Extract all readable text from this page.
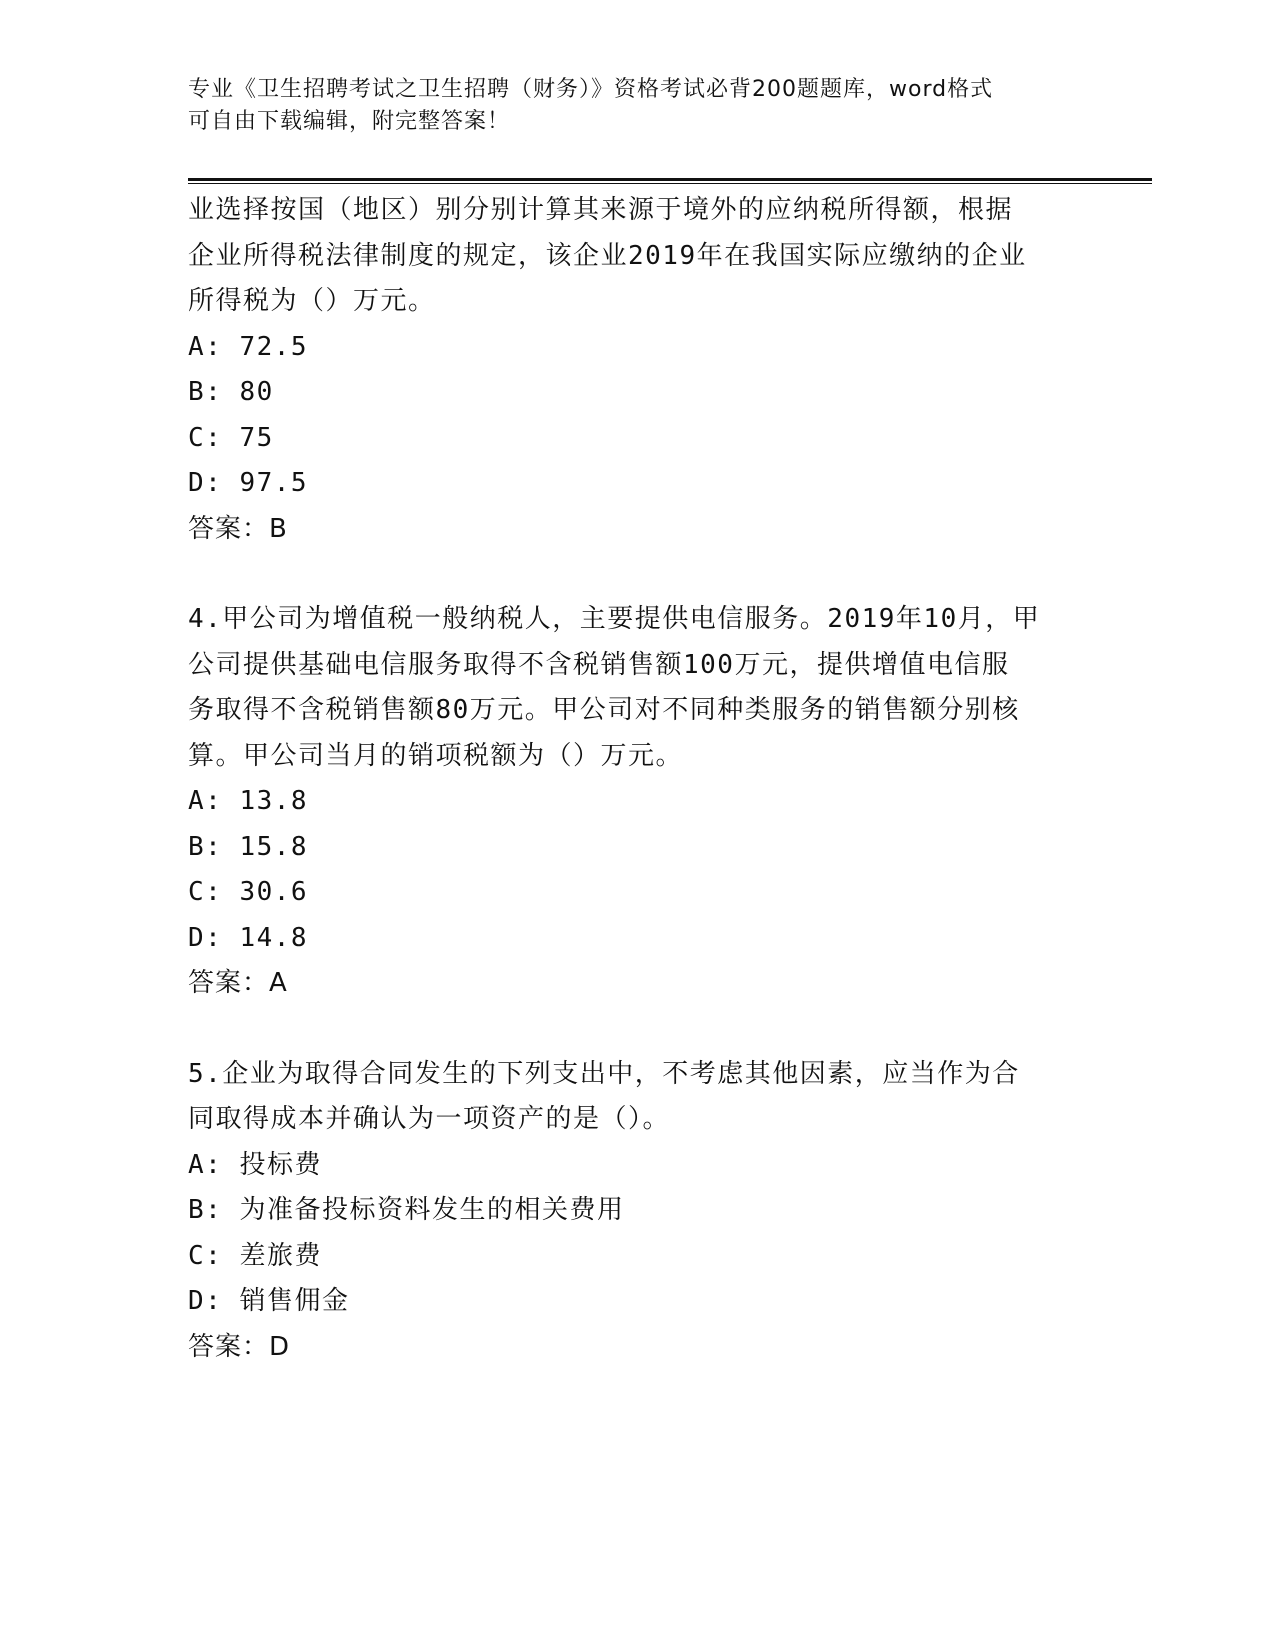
专业《卫生招聘考试之卫生招聘（财务）》资格考试必背200题题库，word格式
可自由下载编辑，附完整答案！

业选择按国（地区）别分别计算其来源于境外的应纳税所得额，根据

企业所得税法律制度的规定，该企业2019年在我国实际应缴纳的企业

所得税为（）万元。

A: 72.5

B: 80

C: 75

D: 97.5

答案：B

4.甲公司为增值税一般纳税人，主要提供电信服务。2019年10月，甲

公司提供基础电信服务取得不含税销售额100万元，提供增值电信服

务取得不含税销售额80万元。甲公司对不同种类服务的销售额分别核

算。甲公司当月的销项税额为（）万元。

A: 13.8

B: 15.8

C: 30.6

D: 14.8

答案：A

5.企业为取得合同发生的下列支出中，不考虑其他因素，应当作为合

同取得成本并确认为一项资产的是（）。

A: 投标费

B: 为准备投标资料发生的相关费用

C: 差旅费

D: 销售佣金

答案：D
